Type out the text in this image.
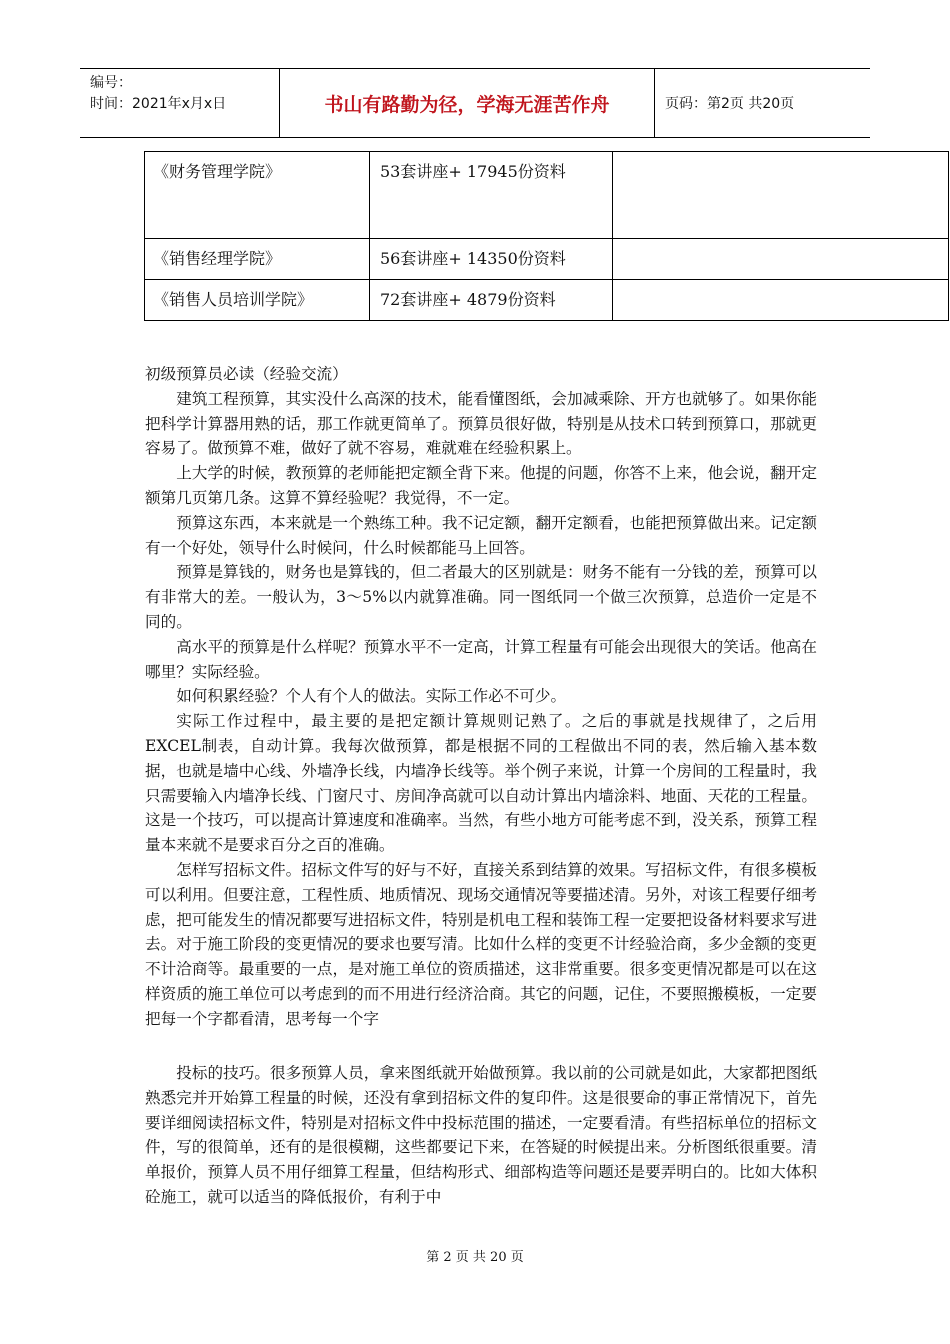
编号：
时间：2021年x月x日	书山有路勤为径，学海无涯苦作舟	页码：第2页 共20页
《财务管理学院》	53套讲座+ 17945份资料	
《销售经理学院》	56套讲座+ 14350份资料	
《销售人员培训学院》	72套讲座+ 4879份资料	

初级预算员必读（经验交流）

建筑工程预算，其实没什么高深的技术，能看懂图纸，会加减乘除、开方也就够了。如果你能把科学计算器用熟的话，那工作就更简单了。预算员很好做，特别是从技术口转到预算口，那就更容易了。做预算不难，做好了就不容易，难就难在经验积累上。

上大学的时候，教预算的老师能把定额全背下来。他提的问题，你答不上来，他会说，翻开定额第几页第几条。这算不算经验呢？我觉得，不一定。

预算这东西，本来就是一个熟练工种。我不记定额，翻开定额看，也能把预算做出来。记定额有一个好处，领导什么时候问，什么时候都能马上回答。

预算是算钱的，财务也是算钱的，但二者最大的区别就是：财务不能有一分钱的差，预算可以有非常大的差。一般认为，3～5%以内就算准确。同一图纸同一个做三次预算，总造价一定是不同的。

高水平的预算是什么样呢？预算水平不一定高，计算工程量有可能会出现很大的笑话。他高在哪里？实际经验。

如何积累经验？个人有个人的做法。实际工作必不可少。

实际工作过程中，最主要的是把定额计算规则记熟了。之后的事就是找规律了，之后用EXCEL制表，自动计算。我每次做预算，都是根据不同的工程做出不同的表，然后输入基本数据，也就是墙中心线、外墙净长线，内墙净长线等。举个例子来说，计算一个房间的工程量时，我只需要输入内墙净长线、门窗尺寸、房间净高就可以自动计算出内墙涂料、地面、天花的工程量。这是一个技巧，可以提高计算速度和准确率。当然，有些小地方可能考虑不到，没关系，预算工程量本来就不是要求百分之百的准确。

怎样写招标文件。招标文件写的好与不好，直接关系到结算的效果。写招标文件，有很多模板可以利用。但要注意，工程性质、地质情况、现场交通情况等要描述清。另外，对该工程要仔细考虑，把可能发生的情况都要写进招标文件，特别是机电工程和装饰工程一定要把设备材料要求写进去。对于施工阶段的变更情况的要求也要写清。比如什么样的变更不计经验洽商，多少金额的变更不计洽商等。最重要的一点，是对施工单位的资质描述，这非常重要。很多变更情况都是可以在这样资质的施工单位可以考虑到的而不用进行经济洽商。其它的问题，记住，不要照搬模板，一定要把每一个字都看清，思考每一个字

投标的技巧。很多预算人员，拿来图纸就开始做预算。我以前的公司就是如此，大家都把图纸熟悉完并开始算工程量的时候，还没有拿到招标文件的复印件。这是很要命的事正常情况下，首先要详细阅读招标文件，特别是对招标文件中投标范围的描述，一定要看清。有些招标单位的招标文件，写的很简单，还有的是很模糊，这些都要记下来，在答疑的时候提出来。分析图纸很重要。清单报价，预算人员不用仔细算工程量，但结构形式、细部构造等问题还是要弄明白的。比如大体积砼施工，就可以适当的降低报价，有利于中

第 2 页 共 20 页
